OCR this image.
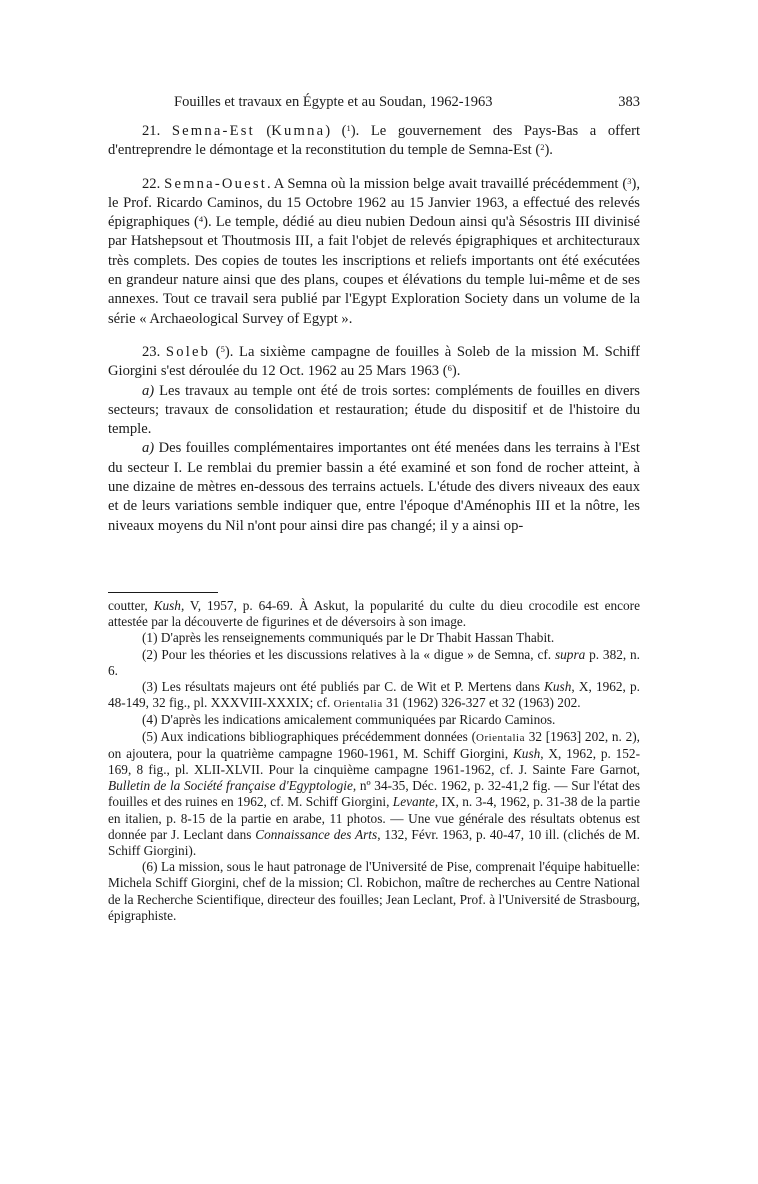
Fouilles et travaux en Égypte et au Soudan, 1962-1963	383

21. Semna-Est (Kumna) ($^1$). Le gouvernement des Pays-Bas a offert d'entreprendre le démontage et la reconstitution du temple de Semna-Est ($^2$).

22. Semna-Ouest. A Semna où la mission belge avait travaillé précédemment ($^3$), le Prof. Ricardo Caminos, du 15 Octobre 1962 au 15 Janvier 1963, a effectué des relevés épigraphiques ($^4$). Le temple, dédié au dieu nubien Dedoun ainsi qu'à Sésostris III divinisé par Hatshepsout et Thoutmosis III, a fait l'objet de relevés épigraphiques et architecturaux très complets. Des copies de toutes les inscriptions et reliefs importants ont été exécutées en grandeur nature ainsi que des plans, coupes et élévations du temple lui-même et de ses annexes. Tout ce travail sera publié par l'Egypt Exploration Society dans un volume de la série « Archaeological Survey of Egypt ».

23. Soleb ($^5$). La sixième campagne de fouilles à Soleb de la mission M. Schiff Giorgini s'est déroulée du 12 Oct. 1962 au 25 Mars 1963 ($^6$).

a) Les travaux au temple ont été de trois sortes: compléments de fouilles en divers secteurs; travaux de consolidation et restauration; étude du dispositif et de l'histoire du temple.

a) Des fouilles complémentaires importantes ont été menées dans les terrains à l'Est du secteur I. Le remblai du premier bassin a été examiné et son fond de rocher atteint, à une dizaine de mètres en-dessous des terrains actuels. L'étude des divers niveaux des eaux et de leurs variations semble indiquer que, entre l'époque d'Aménophis III et la nôtre, les niveaux moyens du Nil n'ont pour ainsi dire pas changé; il y a ainsi op-

coutter, Kush, V, 1957, p. 64-69. À Askut, la popularité du culte du dieu crocodile est encore attestée par la découverte de figurines et de déversoirs à son image.

(1) D'après les renseignements communiqués par le Dr Thabit Hassan Thabit.

(2) Pour les théories et les discussions relatives à la « digue » de Semna, cf. supra p. 382, n. 6.

(3) Les résultats majeurs ont été publiés par C. de Wit et P. Mertens dans Kush, X, 1962, p. 48-149, 32 fig., pl. XXXVIII-XXXIX; cf. Orientalia 31 (1962) 326-327 et 32 (1963) 202.

(4) D'après les indications amicalement communiquées par Ricardo Caminos.

(5) Aux indications bibliographiques précédemment données (Orientalia 32 [1963] 202, n. 2), on ajoutera, pour la quatrième campagne 1960-1961, M. Schiff Giorgini, Kush, X, 1962, p. 152-169, 8 fig., pl. XLII-XLVII. Pour la cinquième campagne 1961-1962, cf. J. Sainte Fare Garnot, Bulletin de la Société française d'Egyptologie, nº 34-35, Déc. 1962, p. 32-41,2 fig. — Sur l'état des fouilles et des ruines en 1962, cf. M. Schiff Giorgini, Levante, IX, n. 3-4, 1962, p. 31-38 de la partie en italien, p. 8-15 de la partie en arabe, 11 photos. — Une vue générale des résultats obtenus est donnée par J. Leclant dans Connaissance des Arts, 132, Févr. 1963, p. 40-47, 10 ill. (clichés de M. Schiff Giorgini).

(6) La mission, sous le haut patronage de l'Université de Pise, comprenait l'équipe habituelle: Michela Schiff Giorgini, chef de la mission; Cl. Robichon, maître de recherches au Centre National de la Recherche Scientifique, directeur des fouilles; Jean Leclant, Prof. à l'Université de Strasbourg, épigraphiste.
